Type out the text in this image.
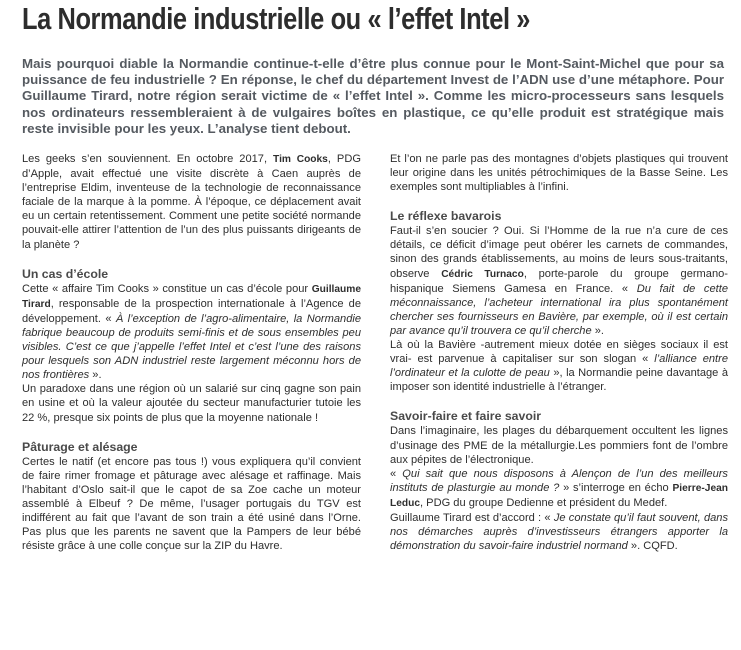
La Normandie industrielle ou « l’effet Intel »
Mais pourquoi diable la Normandie continue-t-elle d’être plus connue pour le Mont-Saint-Michel que pour sa puissance de feu industrielle ? En réponse, le chef du département Invest de l’ADN use d’une métaphore. Pour Guillaume Tirard, notre région serait victime de « l’effet Intel ». Comme les micro-processeurs sans lesquels nos ordinateurs ressembleraient à de vulgaires boîtes en plastique, ce qu’elle produit est stratégique mais reste invisible pour les yeux. L’analyse tient debout.

Les geeks s’en souviennent. En octobre 2017, Tim Cooks, PDG d’Apple, avait effectué une visite discrète à Caen auprès de l’entreprise Eldim, inventeuse de la technologie de reconnaissance faciale de la marque à la pomme. À l’époque, ce déplacement avait eu un certain retentissement. Comment une petite société normande pouvait-elle attirer l’attention de l’un des plus puissants dirigeants de la planète ?

Un cas d’école

Cette « affaire Tim Cooks » constitue un cas d’école pour Guillaume Tirard, responsable de la prospection internationale à l’Agence de développement. « À l’exception de l’agro-alimentaire, la Normandie fabrique beaucoup de produits semi-finis et de sous ensembles peu visibles. C’est ce que j’appelle l’effet Intel et c’est l’une des raisons pour lesquels son ADN industriel reste largement méconnu hors de nos frontières ».

Un paradoxe dans une région où un salarié sur cinq gagne son pain en usine et où la valeur ajoutée du secteur manufacturier tutoie les 22 %, presque six points de plus que la moyenne nationale !

Pâturage et alésage

Certes le natif (et encore pas tous !) vous expliquera qu’il convient de faire rimer fromage et pâturage avec alésage et raffinage. Mais l’habitant d’Oslo sait-il que le capot de sa Zoe cache un moteur assemblé à Elbeuf ? De même, l’usager portugais du TGV est indifférent au fait que l’avant de son train a été usiné dans l’Orne. Pas plus que les parents ne savent que la Pampers de leur bébé résiste grâce à une colle conçue sur la ZIP du Havre.

Et l’on ne parle pas des montagnes d’objets plastiques qui trouvent leur origine dans les unités pétrochimiques de la Basse Seine. Les exemples sont multipliables à l’infini.

Le réflexe bavarois

Faut-il s’en soucier ? Oui. Si l’Homme de la rue n’a cure de ces détails, ce déficit d’image peut obérer les carnets de commandes, sinon des grands établissements, au moins de leurs sous-traitants, observe Cédric Turnaco, porte-parole du groupe germano-hispanique Siemens Gamesa en France. « Du fait de cette méconnaissance, l’acheteur international ira plus spontanément chercher ses fournisseurs en Bavière, par exemple, où il est certain par avance qu’il trouvera ce qu’il cherche ».

Là où la Bavière -autrement mieux dotée en sièges sociaux il est vrai- est parvenue à capitaliser sur son slogan « l’alliance entre l’ordinateur et la culotte de peau », la Normandie peine davantage à imposer son identité industrielle à l’étranger.

Savoir-faire et faire savoir

Dans l’imaginaire, les plages du débarquement occultent les lignes d’usinage des PME de la métallurgie.Les pommiers font de l’ombre aux pépites de l’électronique.

« Qui sait que nous disposons à Alençon de l’un des meilleurs instituts de plasturgie au monde ? » s’interroge en écho Pierre-Jean Leduc, PDG du groupe Dedienne et président du Medef.

Guillaume Tirard est d’accord : « Je constate qu’il faut souvent, dans nos démarches auprès d’investisseurs étrangers apporter la démonstration du savoir-faire industriel normand ». CQFD.
